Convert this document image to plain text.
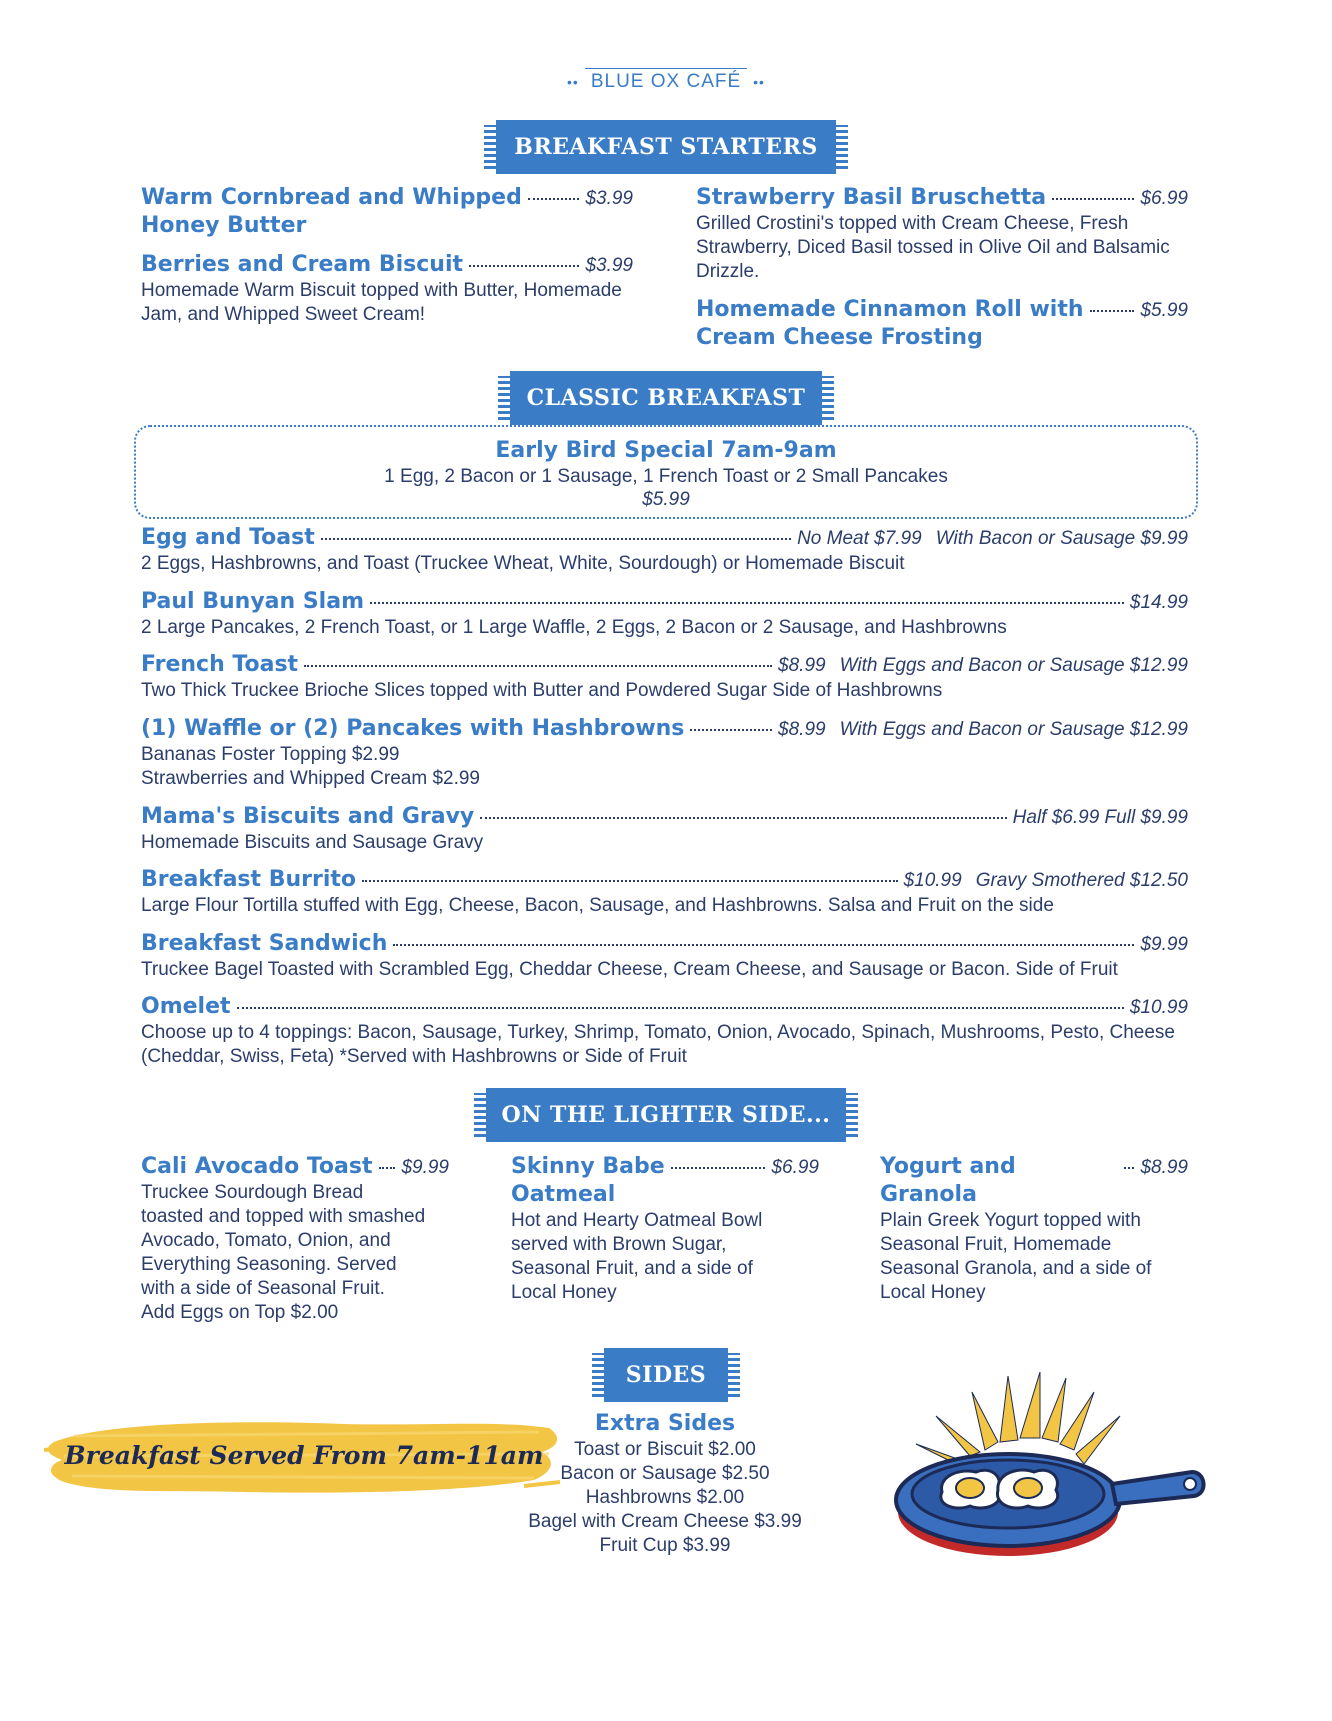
•• BLUE OX CAFÉ ••
BREAKFAST STARTERS
Warm Cornbread and Whipped	$3.99
Honey Butter
Berries and Cream Biscuit	$3.99
Homemade Warm Biscuit topped with Butter, Homemade
Jam, and Whipped Sweet Cream!
Strawberry Basil Bruschetta	$6.99
Grilled Crostini's topped with Cream Cheese, Fresh
Strawberry, Diced Basil tossed in Olive Oil and Balsamic
Drizzle.
Homemade Cinnamon Roll with	$5.99
Cream Cheese Frosting
CLASSIC BREAKFAST
Early Bird Special 7am-9am
1 Egg, 2 Bacon or 1 Sausage, 1 French Toast or 2 Small Pancakes
$5.99
Egg and Toast	No Meat $7.99 With Bacon or Sausage $9.99
2 Eggs, Hashbrowns, and Toast (Truckee Wheat, White, Sourdough) or Homemade Biscuit
Paul Bunyan Slam	$14.99
2 Large Pancakes, 2 French Toast, or 1 Large Waffle, 2 Eggs, 2 Bacon or 2 Sausage, and Hashbrowns
French Toast	$8.99 With Eggs and Bacon or Sausage $12.99
Two Thick Truckee Brioche Slices topped with Butter and Powdered Sugar Side of Hashbrowns
(1) Waffle or (2) Pancakes with Hashbrowns	$8.99 With Eggs and Bacon or Sausage $12.99
Bananas Foster Topping $2.99
Strawberries and Whipped Cream $2.99
Mama's Biscuits and Gravy	Half $6.99 Full $9.99
Homemade Biscuits and Sausage Gravy
Breakfast Burrito	$10.99 Gravy Smothered $12.50
Large Flour Tortilla stuffed with Egg, Cheese, Bacon, Sausage, and Hashbrowns. Salsa and Fruit on the side
Breakfast Sandwich	$9.99
Truckee Bagel Toasted with Scrambled Egg, Cheddar Cheese, Cream Cheese, and Sausage or Bacon. Side of Fruit
Omelet	$10.99
Choose up to 4 toppings: Bacon, Sausage, Turkey, Shrimp, Tomato, Onion, Avocado, Spinach, Mushrooms, Pesto, Cheese
(Cheddar, Swiss, Feta) *Served with Hashbrowns or Side of Fruit
ON THE LIGHTER SIDE...
Cali Avocado Toast $9.99
Truckee Sourdough Bread
toasted and topped with smashed
Avocado, Tomato, Onion, and
Everything Seasoning. Served
with a side of Seasonal Fruit.
Add Eggs on Top $2.00
Skinny Babe	$6.99
Oatmeal
Hot and Hearty Oatmeal Bowl
served with Brown Sugar,
Seasonal Fruit, and a side of
Local Honey
Yogurt and Granola
$8.99
Plain Greek Yogurt topped with
Seasonal Fruit, Homemade
Seasonal Granola, and a side of
Local Honey
SIDES
Breakfast Served From 7am-11am
Extra Sides
Toast or Biscuit $2.00
Bacon or Sausage $2.50
Hashbrowns $2.00
Bagel with Cream Cheese $3.99
Fruit Cup $3.99
